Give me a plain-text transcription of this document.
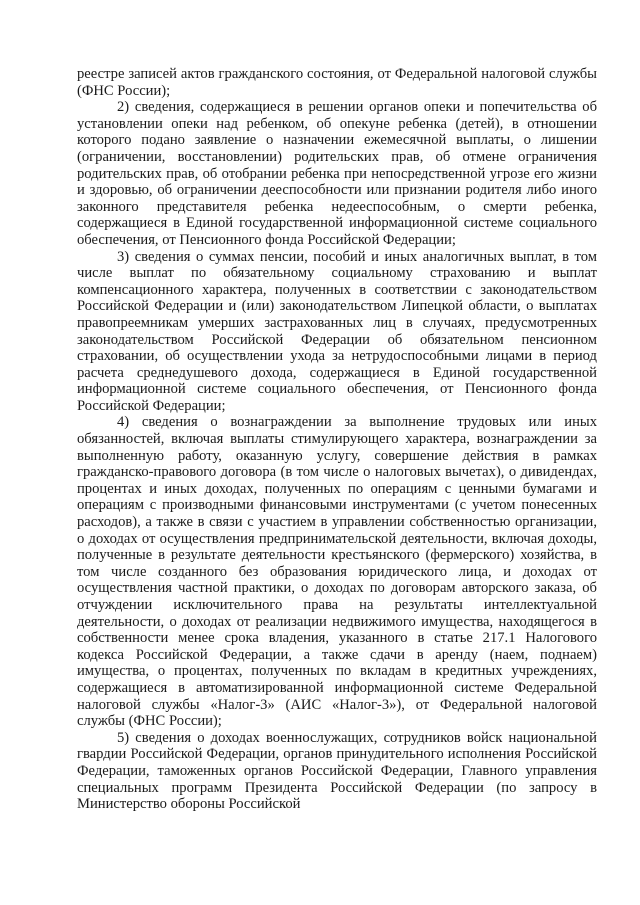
реестре записей актов гражданского состояния, от Федеральной налоговой службы (ФНС России);

2) сведения, содержащиеся в решении органов опеки и попечительства об установлении опеки над ребенком, об опекуне ребенка (детей), в отношении которого подано заявление о назначении ежемесячной выплаты, о лишении (ограничении, восстановлении) родительских прав, об отмене ограничения родительских прав, об отобрании ребенка при непосредственной угрозе его жизни и здоровью, об ограничении дееспособности или признании родителя либо иного законного представителя ребенка недееспособным, о смерти ребенка, содержащиеся в Единой государственной информационной системе социального обеспечения, от Пенсионного фонда Российской Федерации;

3) сведения о суммах пенсии, пособий и иных аналогичных выплат, в том числе выплат по обязательному социальному страхованию и выплат компенсационного характера, полученных в соответствии с законодательством Российской Федерации и (или) законодательством Липецкой области, о выплатах правопреемникам умерших застрахованных лиц в случаях, предусмотренных законодательством Российской Федерации об обязательном пенсионном страховании, об осуществлении ухода за нетрудоспособными лицами в период расчета среднедушевого дохода, содержащиеся в Единой государственной информационной системе социального обеспечения, от Пенсионного фонда Российской Федерации;

4) сведения о вознаграждении за выполнение трудовых или иных обязанностей, включая выплаты стимулирующего характера, вознаграждении за выполненную работу, оказанную услугу, совершение действия в рамках гражданско-правового договора (в том числе о налоговых вычетах), о дивидендах, процентах и иных доходах, полученных по операциям с ценными бумагами и операциям с производными финансовыми инструментами (с учетом понесенных расходов), а также в связи с участием в управлении собственностью организации, о доходах от осуществления предпринимательской деятельности, включая доходы, полученные в результате деятельности крестьянского (фермерского) хозяйства, в том числе созданного без образования юридического лица, и доходах от осуществления частной практики, о доходах по договорам авторского заказа, об отчуждении исключительного права на результаты интеллектуальной деятельности, о доходах от реализации недвижимого имущества, находящегося в собственности менее срока владения, указанного в статье 217.1 Налогового кодекса Российской Федерации, а также сдачи в аренду (наем, поднаем) имущества, о процентах, полученных по вкладам в кредитных учреждениях, содержащиеся в автоматизированной информационной системе Федеральной налоговой службы «Налог-3» (АИС «Налог-3»), от Федеральной налоговой службы (ФНС России);

5) сведения о доходах военнослужащих, сотрудников войск национальной гвардии Российской Федерации, органов принудительного исполнения Российской Федерации, таможенных органов Российской Федерации, Главного управления специальных программ Президента Российской Федерации (по запросу в Министерство обороны Российской
